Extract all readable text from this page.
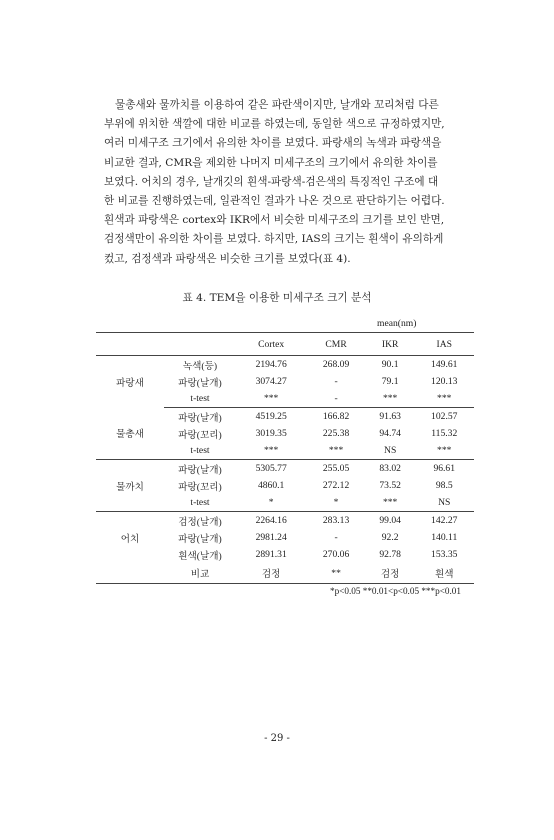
물총새와 물까치를 이용하여 같은 파란색이지만, 날개와 꼬리처럼 다른
부위에 위치한 색깔에 대한 비교를 하였는데, 동일한 색으로 규정하였지만,
여러 미세구조 크기에서 유의한 차이를 보였다. 파랑새의 녹색과 파랑색을
비교한 결과, CMR을 제외한 나머지 미세구조의 크기에서 유의한 차이를
보였다. 어치의 경우, 날개깃의 흰색-파랑색-검은색의 특징적인 구조에 대
한 비교를 진행하였는데, 일관적인 결과가 나온 것으로 판단하기는 어렵다.
흰색과 파랑색은 cortex와 IKR에서 비슷한 미세구조의 크기를 보인 반면,
검정색만이 유의한 차이를 보였다. 하지만, IAS의 크기는 흰색이 유의하게
컸고, 검정색과 파랑색은 비슷한 크기를 보였다(표 4).
표 4. TEM을 이용한 미세구조 크기 분석
mean(nm)
		Cortex	CMR	IKR	IAS
파랑새	녹색(등)	2194.76	268.09	90.1	149.61
	파랑(날개)	3074.27	-	79.1	120.13
	t-test	***	-	***	***
물총새	파랑(날개)	4519.25	166.82	91.63	102.57
	파랑(꼬리)	3019.35	225.38	94.74	115.32
	t-test	***	***	NS	***
물까치	파랑(날개)	5305.77	255.05	83.02	96.61
	파랑(꼬리)	4860.1	272.12	73.52	98.5
	t-test	*	*	***	NS
어치	검정(날개)	2264.16	283.13	99.04	142.27
	파랑(날개)	2981.24	-	92.2	140.11
	흰색(날개)	2891.31	270.06	92.78	153.35
	비교	검정	**	검정	흰색
*p<0.05 **0.01<p<0.05 ***p<0.01
- 29 -
